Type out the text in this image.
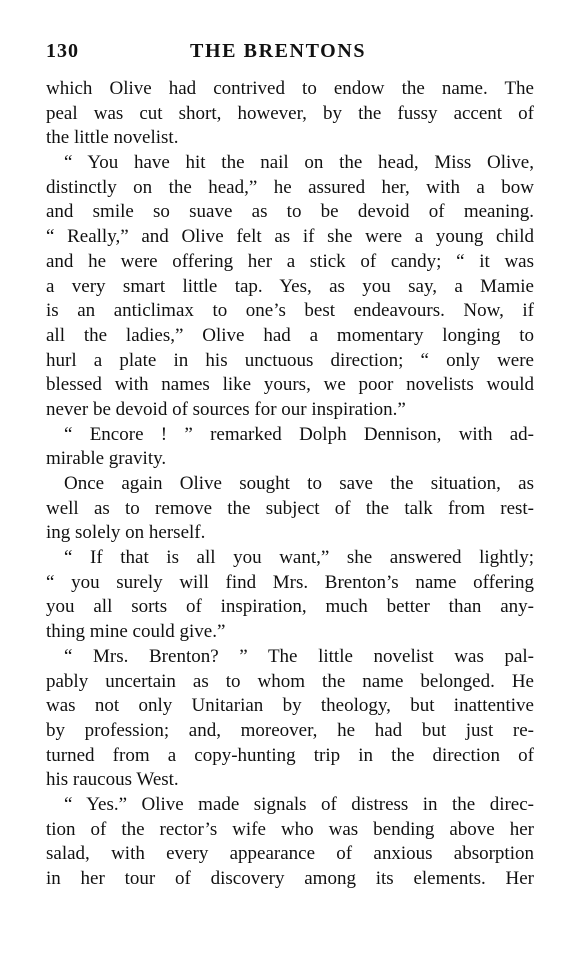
130	THE BRENTONS
which Olive had contrived to endow the name. The
peal was cut short, however, by the fussy accent of
the little novelist.
“ You have hit the nail on the head, Miss Olive,
distinctly on the head,” he assured her, with a bow
and smile so suave as to be devoid of meaning.
“ Really,” and Olive felt as if she were a young child
and he were offering her a stick of candy; “ it was
a very smart little tap. Yes, as you say, a Mamie
is an anticlimax to one’s best endeavours. Now, if
all the ladies,” Olive had a momentary longing to
hurl a plate in his unctuous direction; “ only were
blessed with names like yours, we poor novelists would
never be devoid of sources for our inspiration.”
“ Encore ! ” remarked Dolph Dennison, with ad-
mirable gravity.
Once again Olive sought to save the situation, as
well as to remove the subject of the talk from rest-
ing solely on herself.
“ If that is all you want,” she answered lightly;
“ you surely will find Mrs. Brenton’s name offering
you all sorts of inspiration, much better than any-
thing mine could give.”
“ Mrs. Brenton? ” The little novelist was pal-
pably uncertain as to whom the name belonged. He
was not only Unitarian by theology, but inattentive
by profession; and, moreover, he had but just re-
turned from a copy-hunting trip in the direction of
his raucous West.
“ Yes.” Olive made signals of distress in the direc-
tion of the rector’s wife who was bending above her
salad, with every appearance of anxious absorption
in her tour of discovery among its elements. Her
